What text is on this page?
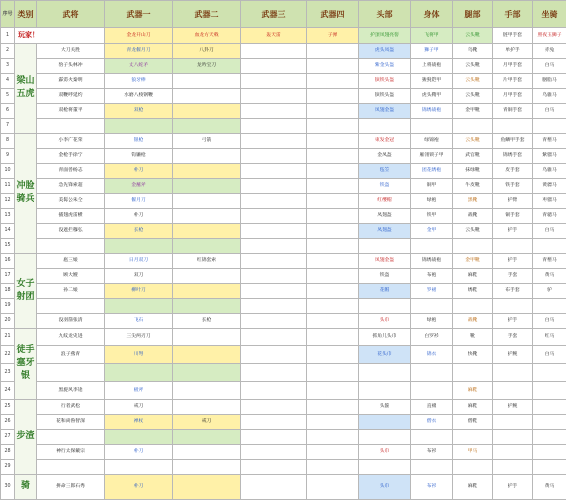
序号	类别	武将	武器一	武器二	武器三	武器四	头部	身体	腿部	手部	坐骑
1	玩家！		金龙开山刀	血龙方天戟	轰天雷	子弹	护頂凤翅亮髻	飞将甲	云头靴	链甲手套	照夜玉狮子
2	梁山五虎	大刀关胜	青龙偃月刀	八卦刀			虎头凤盔	狮子甲	乌靴	单护手	赤兔
3		豹子头林冲	丈八蛇矛	龙吟宝刀			紫金头盔	上将战袍	云头靴	月甲手套	白马
4		霹雳火秦明	狼牙棒				镔铁头盔	狻猊铠甲	云头靴	片甲手套	胭脂马
5		双鞭呼延灼	水磨八棱钢鞭				镔铁头盔	虎头鞘甲	云头靴	月甲手套	乌骓马
6		双枪将董平	双枪				凤翅金盔	锦绣战袍	金甲靴	青铜手套	白马
7											
8	冲脸骑兵	小李广花荣	银枪	弓箭			束发金冠	绿锦袍	云头靴	鱼鳞甲手套	青鬃马
9		金枪手徐宁	钩镰枪				金凤盔	雁翎锁子甲	武官靴	锦绣手套	紫骝马
10		青面兽杨志	朴刀				毡笠	团花绣袍	抹绿靴	皮手套	乌骓马
11		急先锋索超	金蘸斧				铁盔	铜甲	牛皮靴	铁手套	黄骠马
12		美髯公朱仝	偃月刀				红缨帽	绿袍	黑靴	护臂	枣骝马
13		插翅虎雷横	朴刀				凤翅盔	铁甲	战靴	铜手套	青骢马
14		没遮拦穆弘	长枪				凤翅盔	金甲	云头靴	护手	白马
15											
16	女子射团	扈三娘	日月双刀	红锦套索			凤翅金盔	锦绣战袍	金甲靴	护手	青鬃马
17		顾大嫂	双刀				铁盔	布袍	麻鞋	手套	黄马
18		孙二娘	柳叶刀				花帽	罗裙	绣鞋	布手套	驴
19											
20		没羽箭张清	飞石	长枪			头巾	绿袍	战靴	护手	白马
21	徒手塞牙银	九纹龙史进	三尖两刃刀				抓角儿头巾	白罗衫	靴	手套	红马
22		浪子燕青	川弩				花头巾	锦衣	快靴	护腕	白马
23											
24		黑旋风李逵	板斧						麻鞋		
25	步渣	行者武松	戒刀				头箍	直裰	麻鞋	护腕	
26		花和尚鲁智深	禅杖	戒刀				僧衣	僧鞋		
27											
28		神行太保戴宗	朴刀				头巾	布衫	甲马		
29											
30	骑	拼命三郎石秀	朴刀				头巾	布衫	麻鞋	护手	黄马
